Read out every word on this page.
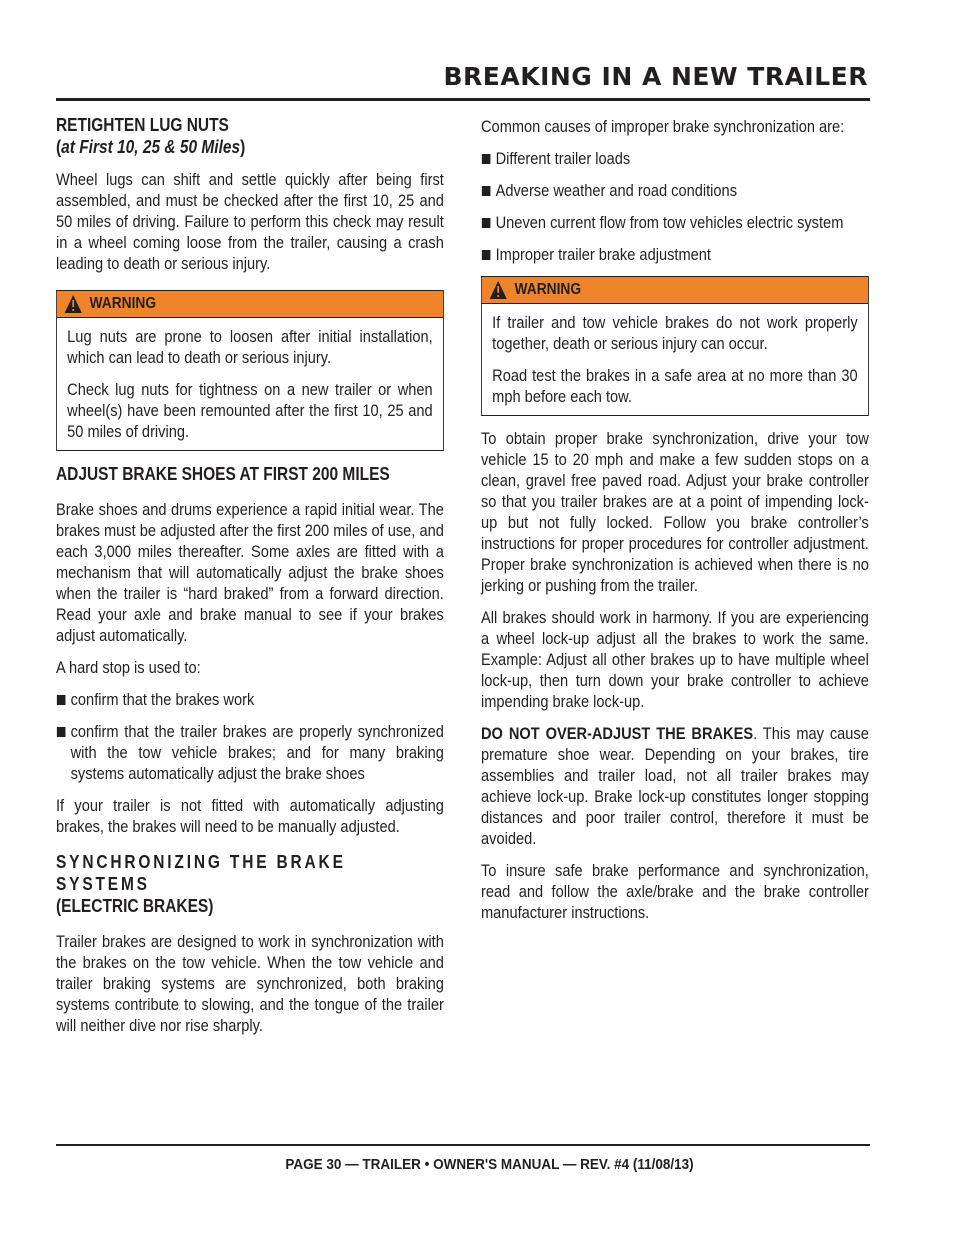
BREAKING IN A NEW TRAILER
RETIGHTEN LUG NUTS
(at First 10, 25 & 50 Miles)

Wheel lugs can shift and settle quickly after being first assembled, and must be checked after the first 10, 25 and 50 miles of driving. Failure to perform this check may result in a wheel coming loose from the trailer, causing a crash leading to death or serious injury.

WARNING

Lug nuts are prone to loosen after initial installation, which can lead to death or serious injury.

Check lug nuts for tightness on a new trailer or when wheel(s) have been remounted after the first 10, 25 and 50 miles of driving.

ADJUST BRAKE SHOES AT FIRST 200 MILES

Brake shoes and drums experience a rapid initial wear. The brakes must be adjusted after the first 200 miles of use, and each 3,000 miles thereafter. Some axles are fitted with a mechanism that will automatically adjust the brake shoes when the trailer is “hard braked” from a forward direction. Read your axle and brake manual to see if your brakes adjust automatically.

A hard stop is used to:

confirm that the brakes work
confirm that the trailer brakes are properly synchronized with the tow vehicle brakes; and for many braking systems automatically adjust the brake shoes

If your trailer is not fitted with automatically adjusting brakes, the brakes will need to be manually adjusted.

SYNCHRONIZING THE BRAKE SYSTEMS
(ELECTRIC BRAKES)

Trailer brakes are designed to work in synchronization with the brakes on the tow vehicle. When the tow vehicle and trailer braking systems are synchronized, both braking systems contribute to slowing, and the tongue of the trailer will neither dive nor rise sharply.

Common causes of improper brake synchronization are:

Different trailer loads
Adverse weather and road conditions
Uneven current flow from tow vehicles electric system
Improper trailer brake adjustment
WARNING

If trailer and tow vehicle brakes do not work properly together, death or serious injury can occur.

Road test the brakes in a safe area at no more than 30 mph before each tow.

To obtain proper brake synchronization, drive your tow vehicle 15 to 20 mph and make a few sudden stops on a clean, gravel free paved road. Adjust your brake controller so that you trailer brakes are at a point of impending lock-up but not fully locked. Follow you brake controller’s instructions for proper procedures for controller adjustment. Proper brake synchronization is achieved when there is no jerking or pushing from the trailer.

All brakes should work in harmony. If you are experiencing a wheel lock-up adjust all the brakes to work the same. Example: Adjust all other brakes up to have multiple wheel lock-up, then turn down your brake controller to achieve impending brake lock-up.

DO NOT OVER-ADJUST THE BRAKES. This may cause premature shoe wear. Depending on your brakes, tire assemblies and trailer load, not all trailer brakes may achieve lock-up. Brake lock-up constitutes longer stopping distances and poor trailer control, therefore it must be avoided.

To insure safe brake performance and synchronization, read and follow the axle/brake and the brake controller manufacturer instructions.

PAGE 30 — TRAILER • OWNER'S MANUAL — REV. #4 (11/08/13)
